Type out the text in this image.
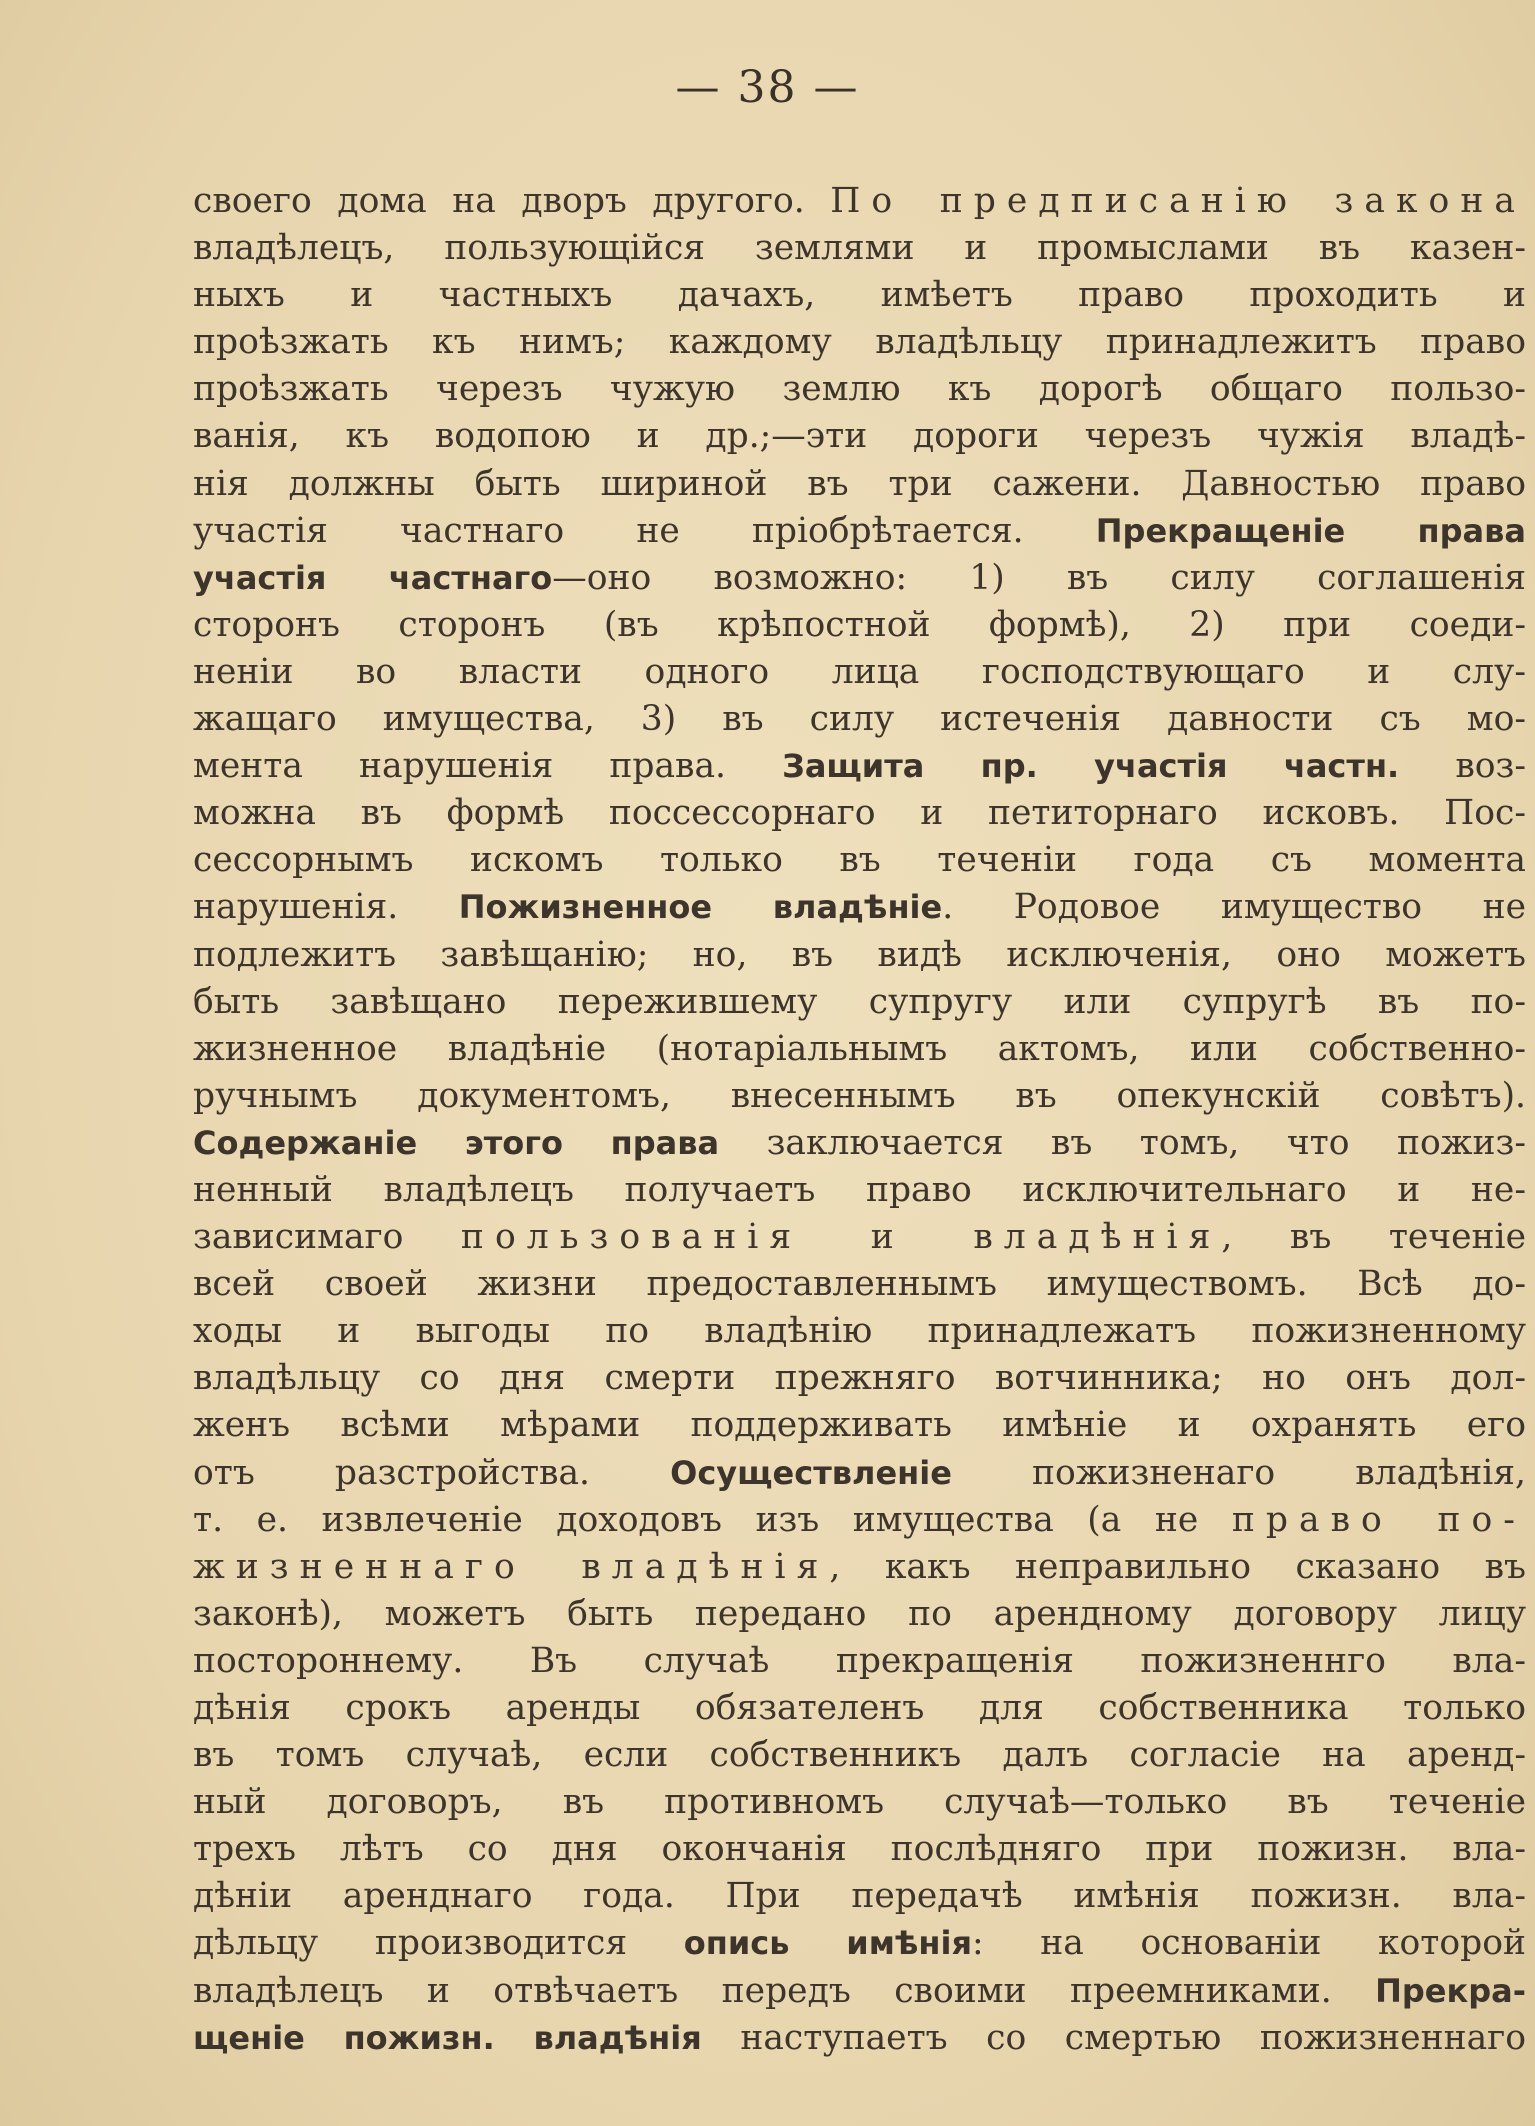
— 38 —
своего дома на дворъ другого. По предписанію закона
владѣлецъ, пользующійся землями и промыслами въ казен-
ныхъ и частныхъ дачахъ, имѣетъ право проходить и
проѣзжать къ нимъ; каждому владѣльцу принадлежитъ право
проѣзжать черезъ чужую землю къ дорогѣ общаго пользо-
ванія, къ водопою и др.;—эти дороги черезъ чужія владѣ-
нія должны быть шириной въ три сажени. Давностью право
участія частнаго не пріобрѣтается. Прекращеніе права
участія частнаго—оно возможно: 1) въ силу соглашенія
сторонъ сторонъ (въ крѣпостной формѣ), 2) при соеди-
неніи во власти одного лица господствующаго и слу-
жащаго имущества, 3) въ силу истеченія давности съ мо-
мента нарушенія права. Защита пр. участія частн. воз-
можна въ формѣ поссессорнаго и петиторнаго исковъ. Пос-
сессорнымъ искомъ только въ теченіи года съ момента
нарушенія. Пожизненное владѣніе. Родовое имущество не
подлежитъ завѣщанію; но, въ видѣ исключенія, оно можетъ
быть завѣщано пережившему супругу или супругѣ въ по-
жизненное владѣніе (нотаріальнымъ актомъ, или собственно-
ручнымъ документомъ, внесеннымъ въ опекунскій совѣтъ).
Содержаніе этого права заключается въ томъ, что пожиз-
ненный владѣлецъ получаетъ право исключительнаго и не-
зависимаго пользованія и владѣнія, въ теченіе
всей своей жизни предоставленнымъ имуществомъ. Всѣ до-
ходы и выгоды по владѣнію принадлежатъ пожизненному
владѣльцу со дня смерти прежняго вотчинника; но онъ дол-
женъ всѣми мѣрами поддерживать имѣніе и охранять его
отъ разстройства. Осуществленіе пожизненаго владѣнія,
т. е. извлеченіе доходовъ изъ имущества (а не право по-
жизненнаго владѣнія, какъ неправильно сказано въ
законѣ), можетъ быть передано по арендному договору лицу
постороннему. Въ случаѣ прекращенія пожизненнго вла-
дѣнія срокъ аренды обязателенъ для собственника только
въ томъ случаѣ, если собственникъ далъ согласіе на аренд-
ный договоръ, въ противномъ случаѣ—только въ теченіе
трехъ лѣтъ со дня окончанія послѣдняго при пожизн. вла-
дѣніи аренднаго года. При передачѣ имѣнія пожизн. вла-
дѣльцу производится опись имѣнія: на основаніи которой
владѣлецъ и отвѣчаетъ передъ своими преемниками. Прекра-
щеніе пожизн. владѣнія наступаетъ со смертью пожизненнаго
